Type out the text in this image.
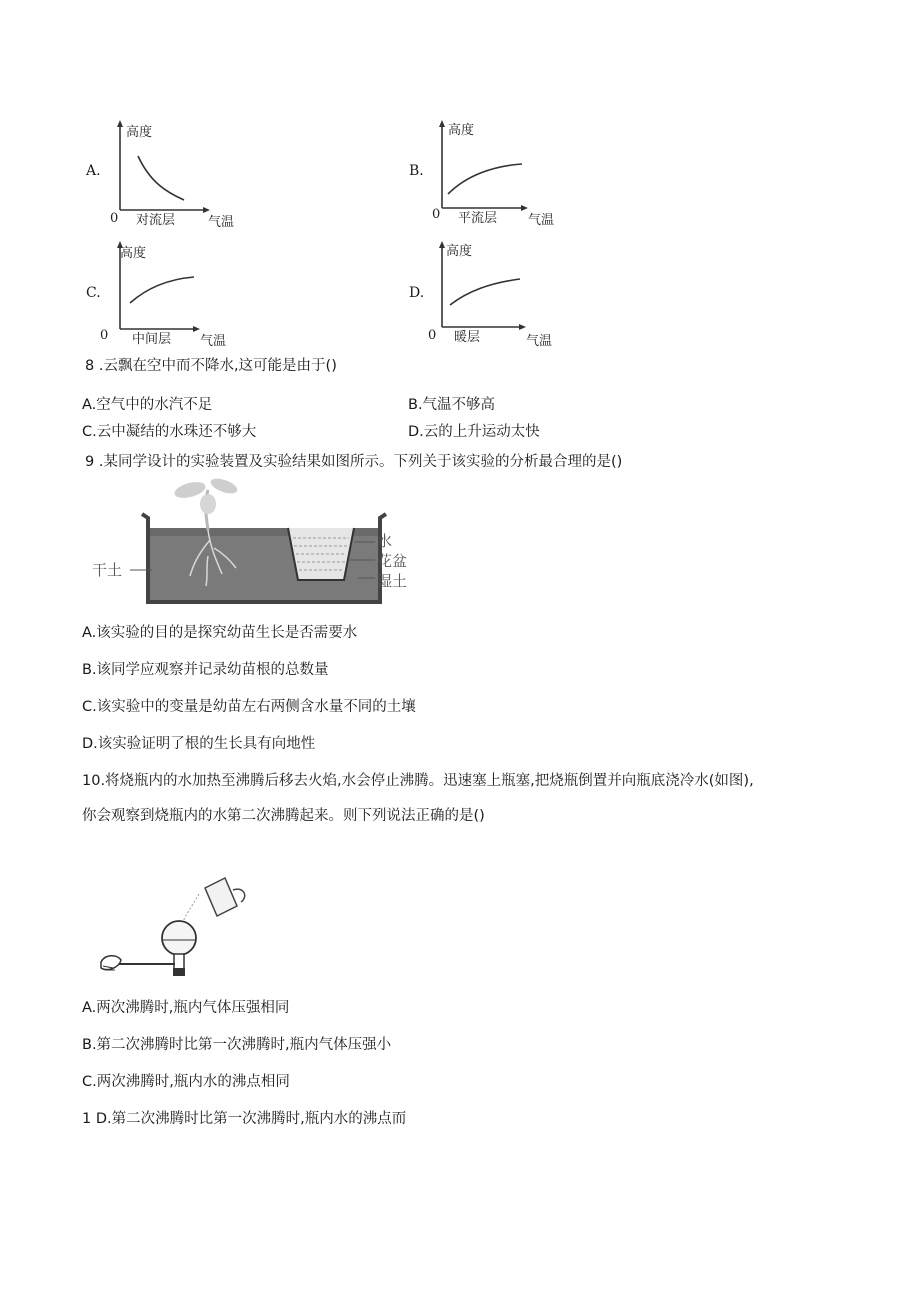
A.
高度
0 对流层	气温
B.
高度
0 平流层 气温
C.
高度
0 中间层 气温
D.
高度
0 暖层	气温
8 .云飘在空中而不降水,这可能是由于()
A.空气中的水汽不足	B.气温不够高
C.云中凝结的水珠还不够大	D.云的上升运动太快
9 .某同学设计的实验装置及实验结果如图所示。下列关于该实验的分析最合理的是()
水
花盆
湿土
干土
A.该实验的目的是探究幼苗生长是否需要水
B.该同学应观察并记录幼苗根的总数量
C.该实验中的变量是幼苗左右两侧含水量不同的土壤
D.该实验证明了根的生长具有向地性
10.将烧瓶内的水加热至沸腾后移去火焰,水会停止沸腾。迅速塞上瓶塞,把烧瓶倒置并向瓶底浇冷水(如图),
你会观察到烧瓶内的水第二次沸腾起来。则下列说法正确的是()
A.两次沸腾时,瓶内气体压强相同
B.第二次沸腾时比第一次沸腾时,瓶内气体压强小
C.两次沸腾时,瓶内水的沸点相同
1 D.第二次沸腾时比第一次沸腾时,瓶内水的沸点而
